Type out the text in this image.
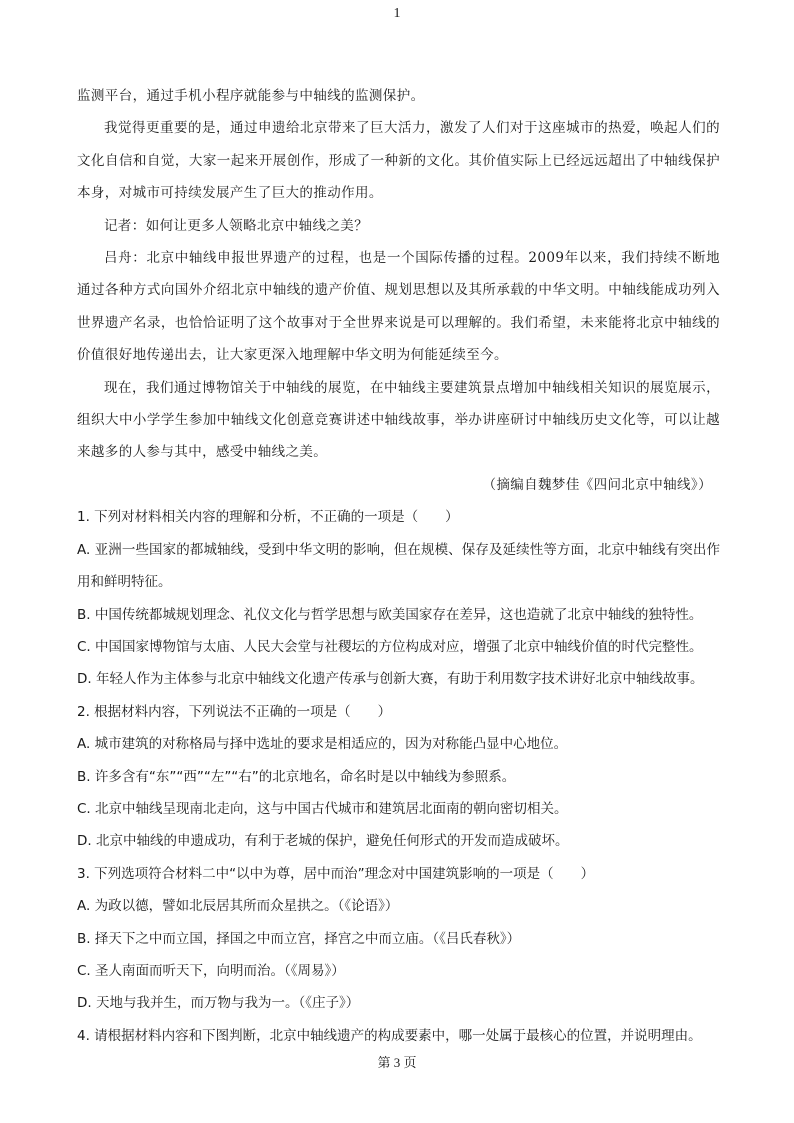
1

监测平台，通过手机小程序就能参与中轴线的监测保护。

我觉得更重要的是，通过申遗给北京带来了巨大活力，激发了人们对于这座城市的热爱，唤起人们的文化自信和自觉，大家一起来开展创作，形成了一种新的文化。其价值实际上已经远远超出了中轴线保护本身，对城市可持续发展产生了巨大的推动作用。

记者：如何让更多人领略北京中轴线之美？

吕舟：北京中轴线申报世界遗产的过程，也是一个国际传播的过程。2009年以来，我们持续不断地通过各种方式向国外介绍北京中轴线的遗产价值、规划思想以及其所承载的中华文明。中轴线能成功列入世界遗产名录，也恰恰证明了这个故事对于全世界来说是可以理解的。我们希望，未来能将北京中轴线的价值很好地传递出去，让大家更深入地理解中华文明为何能延续至今。

现在，我们通过博物馆关于中轴线的展览，在中轴线主要建筑景点增加中轴线相关知识的展览展示，组织大中小学学生参加中轴线文化创意竞赛讲述中轴线故事，举办讲座研讨中轴线历史文化等，可以让越来越多的人参与其中，感受中轴线之美。

（摘编自魏梦佳《四问北京中轴线》）

1. 下列对材料相关内容的理解和分析，不正确的一项是（　　）

A. 亚洲一些国家的都城轴线，受到中华文明的影响，但在规模、保存及延续性等方面，北京中轴线有突出作用和鲜明特征。

B. 中国传统都城规划理念、礼仪文化与哲学思想与欧美国家存在差异，这也造就了北京中轴线的独特性。

C. 中国国家博物馆与太庙、人民大会堂与社稷坛的方位构成对应，增强了北京中轴线价值的时代完整性。

D. 年轻人作为主体参与北京中轴线文化遗产传承与创新大赛，有助于利用数字技术讲好北京中轴线故事。

2. 根据材料内容，下列说法不正确的一项是（　　）

A. 城市建筑的对称格局与择中选址的要求是相适应的，因为对称能凸显中心地位。

B. 许多含有“东”“西”“左”“右”的北京地名，命名时是以中轴线为参照系。

C. 北京中轴线呈现南北走向，这与中国古代城市和建筑居北面南的朝向密切相关。

D. 北京中轴线的申遗成功，有利于老城的保护，避免任何形式的开发而造成破坏。

3. 下列选项符合材料二中“以中为尊，居中而治”理念对中国建筑影响的一项是（　　）

A. 为政以德，譬如北辰居其所而众星拱之。（《论语》）

B. 择天下之中而立国，择国之中而立宫，择宫之中而立庙。（《吕氏春秋》）

C. 圣人南面而听天下，向明而治。（《周易》）

D. 天地与我并生，而万物与我为一。（《庄子》）

4. 请根据材料内容和下图判断，北京中轴线遗产的构成要素中，哪一处属于最核心的位置，并说明理由。

第 3 页
